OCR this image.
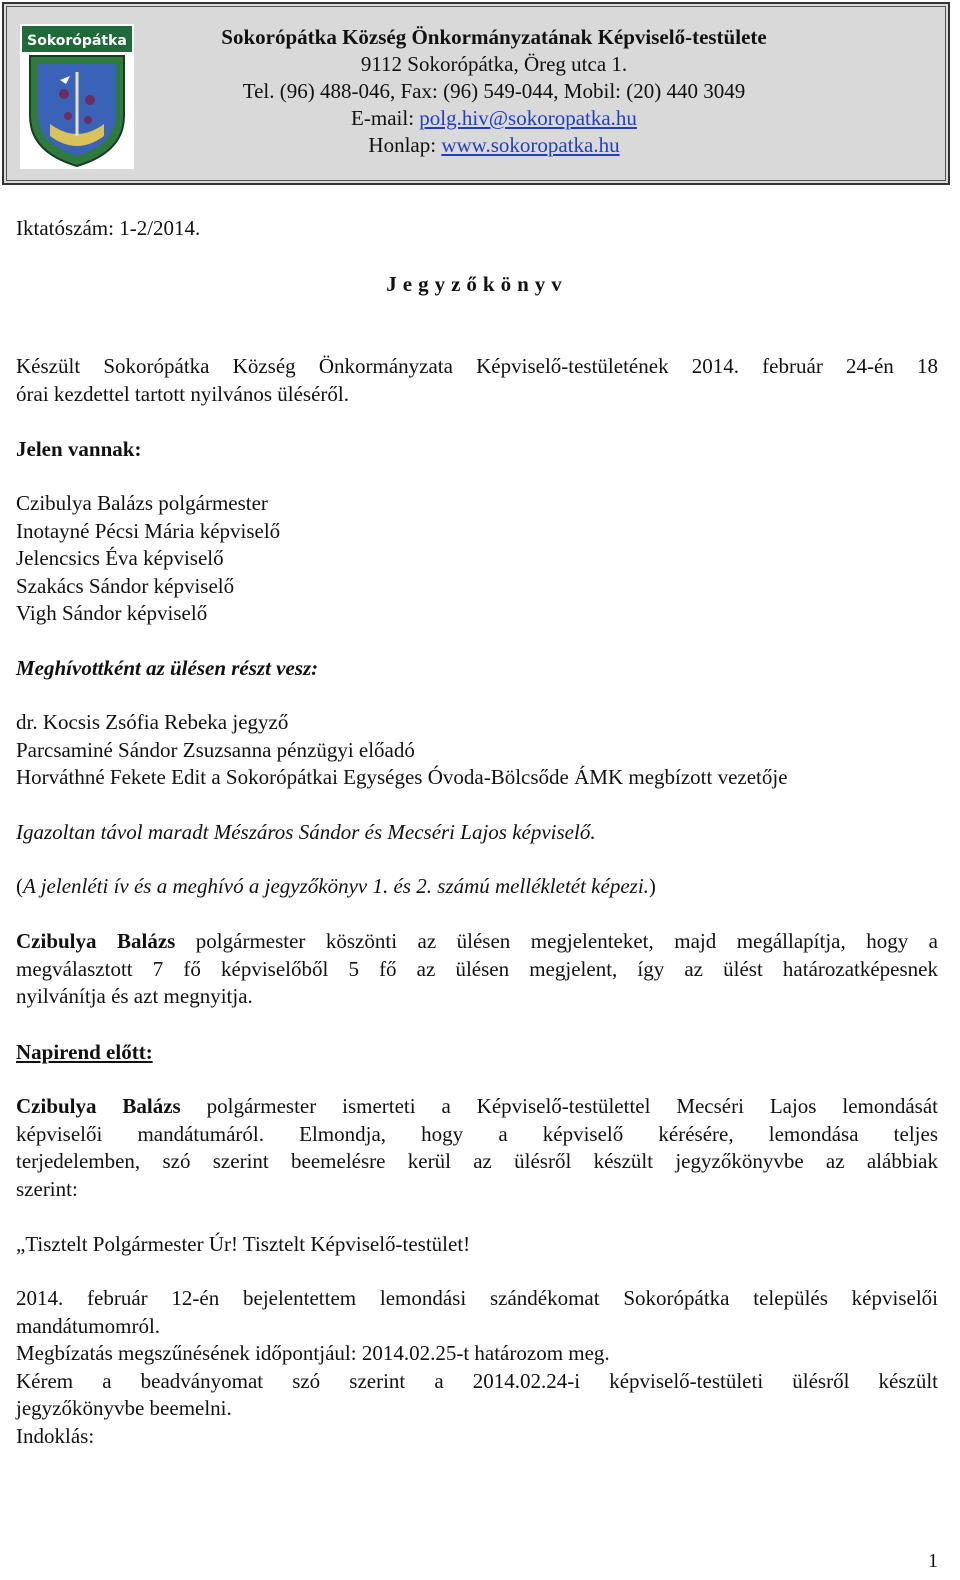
Sokorópátka	Sokorópátka Község Önkormányzatának Képviselő-testülete
9112 Sokorópátka, Öreg utca 1.
Tel. (96) 488-046, Fax: (96) 549-044, Mobil: (20) 440 3049
E-mail: polg.hiv@sokoropatka.hu
Honlap: www.sokoropatka.hu
Iktatószám: 1-2/2014.
Jegyzőkönyv
Készült Sokorópátka Község Önkormányzata Képviselő-testületének 2014. február 24-én 18
órai kezdettel tartott nyilvános üléséről.
Jelen vannak:
Czibulya Balázs polgármester
Inotayné Pécsi Mária képviselő
Jelencsics Éva képviselő
Szakács Sándor képviselő
Vigh Sándor képviselő
Meghívottként az ülésen részt vesz:
dr. Kocsis Zsófia Rebeka jegyző
Parcsaminé Sándor Zsuzsanna pénzügyi előadó
Horváthné Fekete Edit a Sokorópátkai Egységes Óvoda-Bölcsőde ÁMK megbízott vezetője
Igazoltan távol maradt Mészáros Sándor és Mecséri Lajos képviselő.
(A jelenléti ív és a meghívó a jegyzőkönyv 1. és 2. számú mellékletét képezi.)
Czibulya Balázs polgármester köszönti az ülésen megjelenteket, majd megállapítja, hogy a
megválasztott 7 fő képviselőből 5 fő az ülésen megjelent, így az ülést határozatképesnek
nyilvánítja és azt megnyitja.
Napirend előtt:
Czibulya Balázs polgármester ismerteti a Képviselő-testülettel Mecséri Lajos lemondását
képviselői mandátumáról. Elmondja, hogy a képviselő kérésére, lemondása teljes
terjedelemben, szó szerint beemelésre kerül az ülésről készült jegyzőkönyvbe az alábbiak
szerint:
„Tisztelt Polgármester Úr! Tisztelt Képviselő-testület!
2014. február 12-én bejelentettem lemondási szándékomat Sokorópátka település képviselői
mandátumomról.
Megbízatás megszűnésének időpontjául: 2014.02.25-t határozom meg.
Kérem a beadványomat szó szerint a 2014.02.24-i képviselő-testületi ülésről készült
jegyzőkönyvbe beemelni.
Indoklás:
1
